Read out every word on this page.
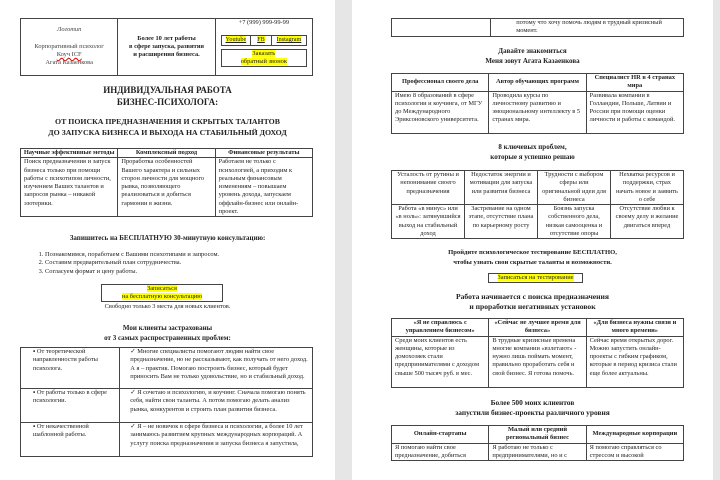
Логотип

Корпоративный психолог
Коуч ICF
Агата Казаенкова

Более 10 лет работы
в сфере запуска, развития
и расширения бизнеса.

+7 (999) 999-99-99
Youtube	FB	Instagram
Заказать
обратный звонок
ИНДИВИДУАЛЬНАЯ РАБОТА
БИЗНЕС-ПСИХОЛОГА:
ОТ ПОИСКА ПРЕДНАЗНАЧЕНИЯ И СКРЫТЫХ ТАЛАНТОВ
ДО ЗАПУСКА БИЗНЕСА И ВЫХОДА НА СТАБИЛЬНЫЙ ДОХОД
Научные эффективные методы	Комплексный подход	Финансовые результаты
Поиск предназначения и запуск бизнеса только при помощи работы с психотипом личности, изучением Ваших талантов и запросов рынка – никакой эзотерики.	Проработка особенностей Вашего характера и сильных сторон личности для мощного рывка, позволяющего реализоваться и добиться гармонии в жизни.	Работаем не только с психологией, а приходим к реальным финансовым изменениям – повышаем уровень дохода, запускаем оффлайн-бизнес или онлайн-проект.
Запишитесь на БЕСПЛАТНУЮ 30-минутную консультацию:
1. Познакомимся, поработаем с Вашими психотипами и запросом.
2. Составим предварительный план сотрудничества.
3. Согласуем формат и цену работы.
Записаться
на бесплатную консультацию
Свободно только 3 места для новых клиентов.
Мои клиенты застрахованы
от 3 самых распространенных проблем:
▪ От теоретической направленности работы психолога.	✓ Многие специалисты помогают людям найти свое предназначение, но не рассказывают, как получать от него доход. А я – практик. Помогаю построить бизнес, который будет приносить Вам не только удовольствие, но и стабильный доход.
▪ От работы только в сфере психологии.	✓ Я сочетаю и психологию, и коучинг. Сначала помогаю понять себя, найти свои таланты. А потом помогаю делать анализ рынка, конкурентов и строить план развития бизнеса.
▪ От некачественной шаблонной работы.	✓ Я – не новичок в сфере бизнеса и психологии, а более 10 лет занимаюсь развитием крупных международных корпораций. А услугу поиска предназначения и запуска бизнеса я запустила,
	потому что хочу помочь людям в трудный кризисный момент.
Давайте знакомиться
Меня зовут Агата Казаенкова
Профессионал своего дела	Автор обучающих программ	Специалист HR в 4 странах мира
Имею 8 образований в сфере психологии и коучинга, от МГУ до Международного Эриксоновского университета.	Проводила курсы по личностному развитию и эмоциональному интеллекту в 5 странах мира.	Развивала компании в Голландии, Польше, Латвии и России при помощи оценки личности и работы с командой.
8 ключевых проблем,
которые я успешно решаю
Усталость от рутины и непонимание своего предназначения	Недостаток энергии и мотивации для запуска или развития бизнеса	Трудности с выбором сферы или оригинальной идеи для бизнеса	Нехватка ресурсов и поддержки, страх начать новое и заявить о себе
Работа «в минус» или «в ноль»: затянувшийся выход на стабильный доход	Застревание на одном этапе, отсутствие плана по карьерному росту	Боязнь запуска собственного дела, низкая самооценка и отсутствие опоры	Отсутствие любви к своему делу и желание двигаться вперед
Пройдите психологическое тестирование БЕСПЛАТНО,
чтобы узнать свои скрытые таланты и возможности.
Записаться на тестирование
Работа начинается с поиска предназначения
и проработки негативных установок
«Я не справлюсь с управлением бизнесом»	«Сейчас не лучшее время для бизнеса»	«Для бизнеса нужны связи и много времени»
Среди моих клиентов есть женщины, которые из домохозяек стали предпринимателями с доходом свыше 500 тысяч руб. в мес.	В трудные кризисные времена многие компании «взлетают» - нужно лишь поймать момент, правильно проработать себя и свой бизнес. Я готова помочь.	Сейчас время открытых дорог. Можно запустить онлайн-проекты с гибким графиком, которые в период кризиса стали еще более актуальны.
Более 500 моих клиентов
запустили бизнес-проекты различного уровня
Онлайн-стартапы	Малый или средний региональный бизнес	Международные корпорации
Я помогаю найти свое предназначение, добиться	Я работаю не только с предпринимателями, но и с	Я помогаю справляться со стрессом и высокой
